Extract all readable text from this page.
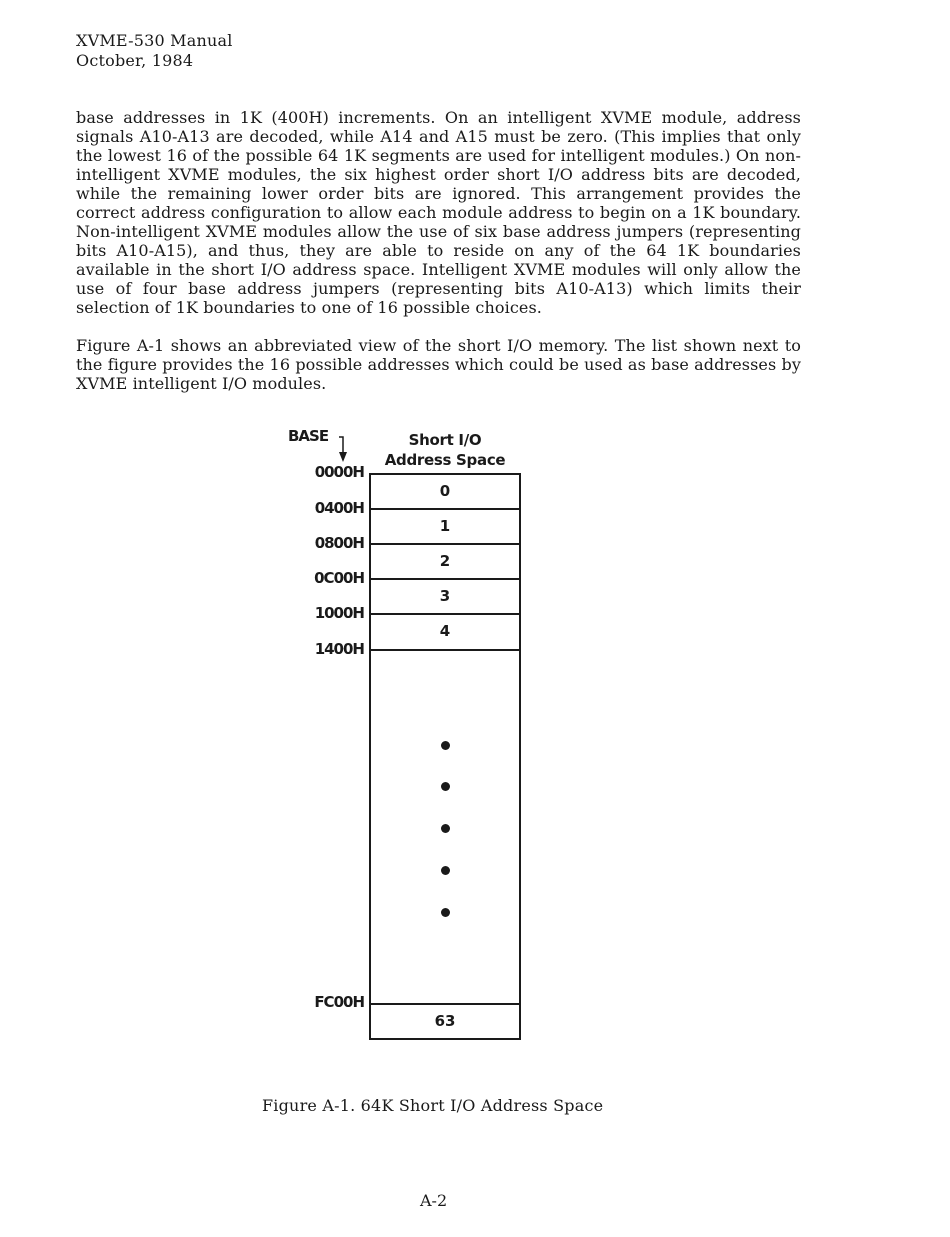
XVME-530 Manual
October, 1984

base addresses in 1K (400H) increments. On an intelligent XVME module, address signals A10-A13 are decoded, while A14 and A15 must be zero. (This implies that only the lowest 16 of the possible 64 1K segments are used for intelligent modules.) On non-intelligent XVME modules, the six highest order short I/O address bits are decoded, while the remaining lower order bits are ignored. This arrangement provides the correct address configuration to allow each module address to begin on a 1K boundary. Non-intelligent XVME modules allow the use of six base address jumpers (representing bits A10-A15), and thus, they are able to reside on any of the 64 1K boundaries available in the short I/O address space. Intelligent XVME modules will only allow the use of four base address jumpers (representing bits A10-A13) which limits their selection of 1K boundaries to one of 16 possible choices.

Figure A-1 shows an abbreviated view of the short I/O memory. The list shown next to the figure provides the 16 possible addresses which could be used as base addresses by XVME intelligent I/O modules.

BASE	Short I/O
Address Space
0000H
0400H
0800H
0C00H
1000H
1400H
FC00H
0
1
2
3
4
63
Figure A-1. 64K Short I/O Address Space
A-2
